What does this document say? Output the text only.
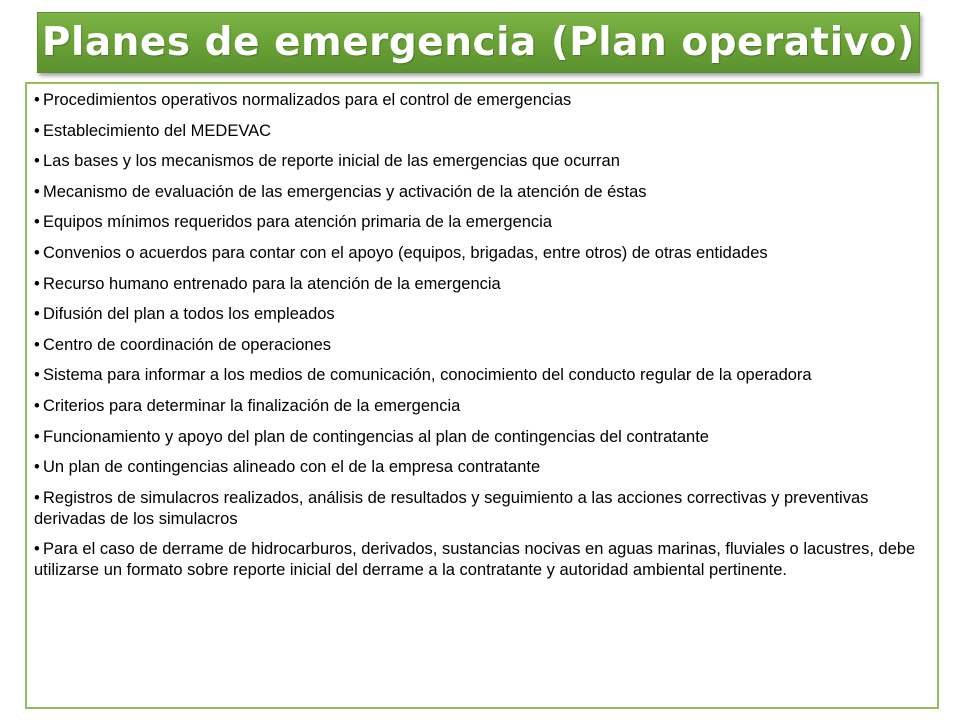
Planes de emergencia (Plan operativo)
• Procedimientos operativos normalizados para el control de emergencias
• Establecimiento del MEDEVAC
• Las bases y los mecanismos de reporte inicial de las emergencias que ocurran
• Mecanismo de evaluación de las emergencias y activación de la atención de éstas
• Equipos mínimos requeridos para atención primaria de la emergencia
• Convenios o acuerdos para contar con el apoyo (equipos, brigadas, entre otros) de otras entidades
• Recurso humano entrenado para la atención de la emergencia
• Difusión del plan a todos los empleados
• Centro de coordinación de operaciones
• Sistema para informar a los medios de comunicación, conocimiento del conducto regular de la operadora
• Criterios para determinar la finalización de la emergencia
• Funcionamiento y apoyo del plan de contingencias al plan de contingencias del contratante
• Un plan de contingencias alineado con el de la empresa contratante
• Registros de simulacros realizados, análisis de resultados y seguimiento a las acciones correctivas y preventivas derivadas de los simulacros
• Para el caso de derrame de hidrocarburos, derivados, sustancias nocivas en aguas marinas, fluviales o lacustres, debe utilizarse un formato sobre reporte inicial del derrame a la contratante y autoridad ambiental pertinente.
